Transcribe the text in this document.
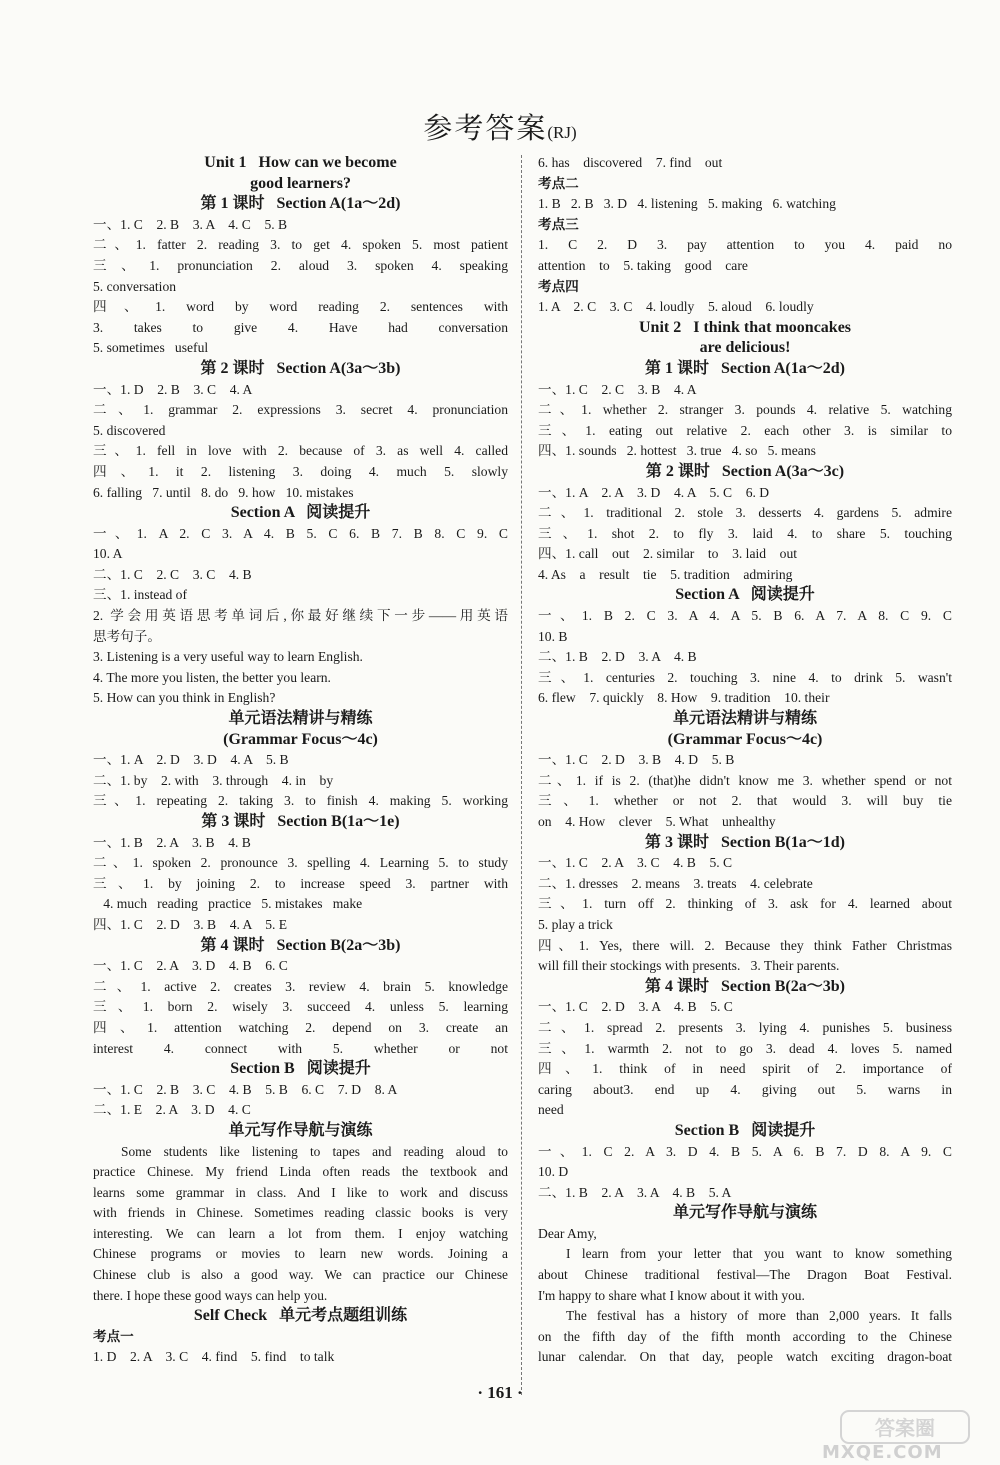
参考答案(RJ)
Unit 1   How can we become
good learners?
第 1 课时   Section A(1a～2d)
一、1. C    2. B    3. A    4. C    5. B
二、1. fatter 2. reading 3. to get 4. spoken 5. most patient
三、1. pronunciation 2. aloud 3. spoken 4. speaking
5. conversation
四、1. word by word reading 2. sentences with
3. takes to give 4. Have had conversation
5. sometimes   useful
第 2 课时   Section A(3a～3b)
一、1. D    2. B    3. C    4. A
二、1. grammar 2. expressions 3. secret 4. pronunciation
5. discovered
三、1. fell in love with 2. because of 3. as well 4. called
四、1. it 2. listening 3. doing 4. much 5. slowly
6. falling   7. until   8. do   9. how   10. mistakes
Section A   阅读提升
一、1. A 2. C 3. A 4. B 5. C 6. B 7. B 8. C 9. C
10. A
二、1. C    2. C    3. C    4. B
三、1. instead of
2. 学会用英语思考单词后,你最好继续下一步——用英语
思考句子。
3. Listening is a very useful way to learn English.
4. The more you listen, the better you learn.
5. How can you think in English?
单元语法精讲与精练
(Grammar Focus～4c)
一、1. A    2. D    3. D    4. A    5. B
二、1. by    2. with    3. through    4. in    by
三、1. repeating 2. taking 3. to finish 4. making 5. working
第 3 课时   Section B(1a～1e)
一、1. B    2. A    3. B    4. B
二、1. spoken 2. pronounce 3. spelling 4. Learning 5. to study
三、1. by joining 2. to increase speed 3. partner with
4. much   reading   practice   5. mistakes   make
四、1. C    2. D    3. B    4. A    5. E
第 4 课时   Section B(2a～3b)
一、1. C    2. A    3. D    4. B    6. C
二、1. active 2. creates 3. review 4. brain 5. knowledge
三、1. born 2. wisely 3. succeed 4. unless 5. learning
四、1. attention watching 2. depend on 3. create an
interest 4. connect with 5. whether or not
Section B   阅读提升
一、1. C    2. B    3. C    4. B    5. B    6. C    7. D    8. A
二、1. E    2. A    3. D    4. C
单元写作导航与演练
Some students like listening to tapes and reading aloud to
practice Chinese. My friend Linda often reads the textbook and
learns some grammar in class. And I like to work and discuss
with friends in Chinese. Sometimes reading classic books is very
interesting. We can learn a lot from them. I enjoy watching
Chinese programs or movies to learn new words. Joining a
Chinese club is also a good way. We can practice our Chinese
there. I hope these good ways can help you.
Self Check   单元考点题组训练
考点一
1. D    2. A    3. C    4. find    5. find    to talk
6. has    discovered    7. find    out
考点二
1. B   2. B   3. D   4. listening   5. making   6. watching
考点三
1. C 2. D 3. pay attention to you 4. paid no
attention    to    5. taking    good    care
考点四
1. A    2. C    3. C    4. loudly    5. aloud    6. loudly
Unit 2   I think that mooncakes
are delicious!
第 1 课时   Section A(1a～2d)
一、1. C    2. C    3. B    4. A
二、1. whether 2. stranger 3. pounds 4. relative 5. watching
三、1. eating out relative 2. each other 3. is similar to
四、1. sounds   2. hottest   3. true   4. so   5. means
第 2 课时   Section A(3a～3c)
一、1. A    2. A    3. D    4. A    5. C    6. D
二、1. traditional 2. stole 3. desserts 4. gardens 5. admire
三、1. shot 2. to fly 3. laid 4. to share 5. touching
四、1. call    out    2. similar    to    3. laid    out
4. As    a    result    tie    5. tradition    admiring
Section A   阅读提升
一、1. B 2. C 3. A 4. A 5. B 6. A 7. A 8. C 9. C
10. B
二、1. B    2. D    3. A    4. B
三、1. centuries 2. touching 3. nine 4. to drink 5. wasn't
6. flew    7. quickly    8. How    9. tradition    10. their
单元语法精讲与精练
(Grammar Focus～4c)
一、1. C    2. D    3. B    4. D    5. B
二、1. if is 2. (that)he didn't know me 3. whether spend or not
三、1. whether or not 2. that would 3. will buy tie
on    4. How    clever    5. What    unhealthy
第 3 课时   Section B(1a～1d)
一、1. C    2. A    3. C    4. B    5. C
二、1. dresses    2. means    3. treats    4. celebrate
三、1. turn off 2. thinking of 3. ask for 4. learned about
5. play a trick
四、1. Yes, there will. 2. Because they think Father Christmas
will fill their stockings with presents.   3. Their parents.
第 4 课时   Section B(2a～3b)
一、1. C    2. D    3. A    4. B    5. C
二、1. spread 2. presents 3. lying 4. punishes 5. business
三、1. warmth 2. not to go 3. dead 4. loves 5. named
四、1. think of in need spirit of 2. importance of
caring about3. end up 4. giving out 5. warns in
need
Section B   阅读提升
一、1. C 2. A 3. D 4. B 5. A 6. B 7. D 8. A 9. C
10. D
二、1. B    2. A    3. A    4. B    5. A
单元写作导航与演练
Dear Amy,
I learn from your letter that you want to know something
about Chinese traditional festival—The Dragon Boat Festival.
I'm happy to share what I know about it with you.
The festival has a history of more than 2,000 years. It falls
on the fifth day of the fifth month according to the Chinese
lunar calendar. On that day, people watch exciting dragon-boat
· 161 ·
答案圈
MXQE.COM
